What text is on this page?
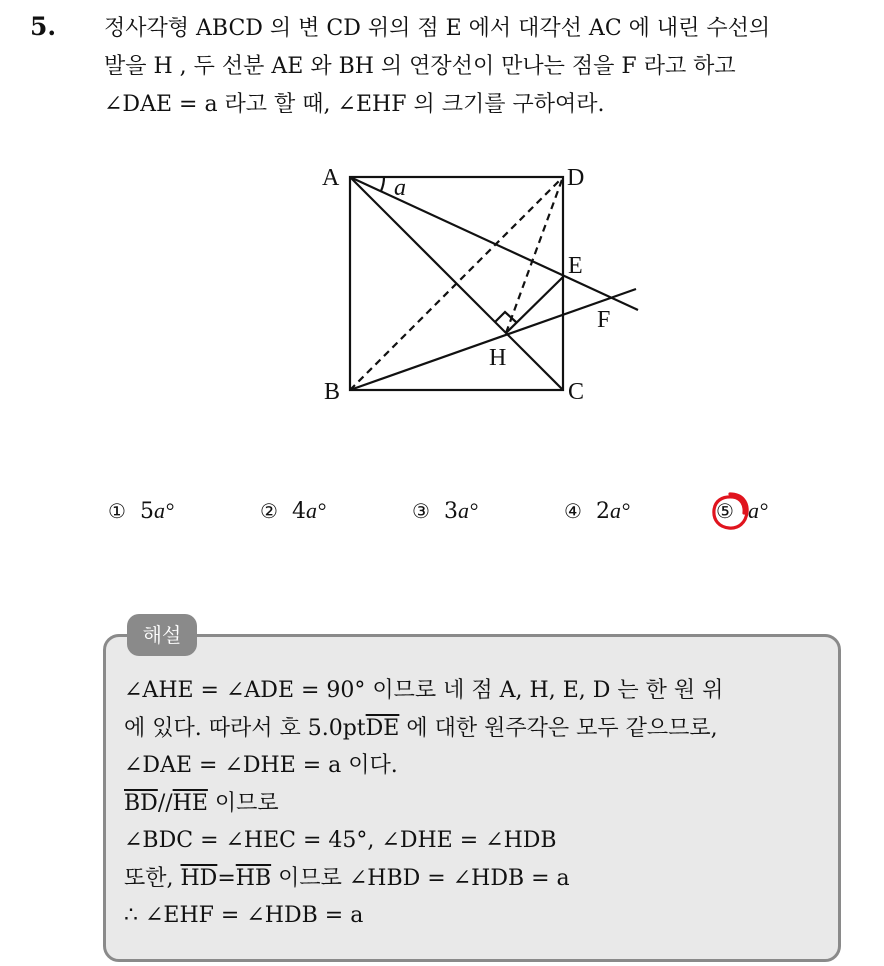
5. 정사각형 ABCD 의 변 CD 위의 점 E 에서 대각선 AC 에 내린 수선의
발을 H , 두 선분 AE 와 BH 의 연장선이 만나는 점을 F 라고 하고
∠DAE = a 라고 할 때, ∠EHF 의 크기를 구하여라.
A	D
B	C
E
F
H
a
① 5a°	② 4a°	③ 3a°	④ 2a°	⑤ a°
해설
∠AHE = ∠ADE = 90° 이므로 네 점 A, H, E, D 는 한 원 위
에 있다. 따라서 호 $5.0pt\overline{DE}$ 에 대한 원주각은 모두 같으므로,
∠DAE = ∠DHE = a 이다.
$\overline{BD}//\overline{HE}$ 이므로
∠BDC = ∠HEC = 45°, ∠DHE = ∠HDB
또한, $\overline{HD}=\overline{HB}$ 이므로 ∠HBD = ∠HDB = a
∴ ∠EHF = ∠HDB = a
